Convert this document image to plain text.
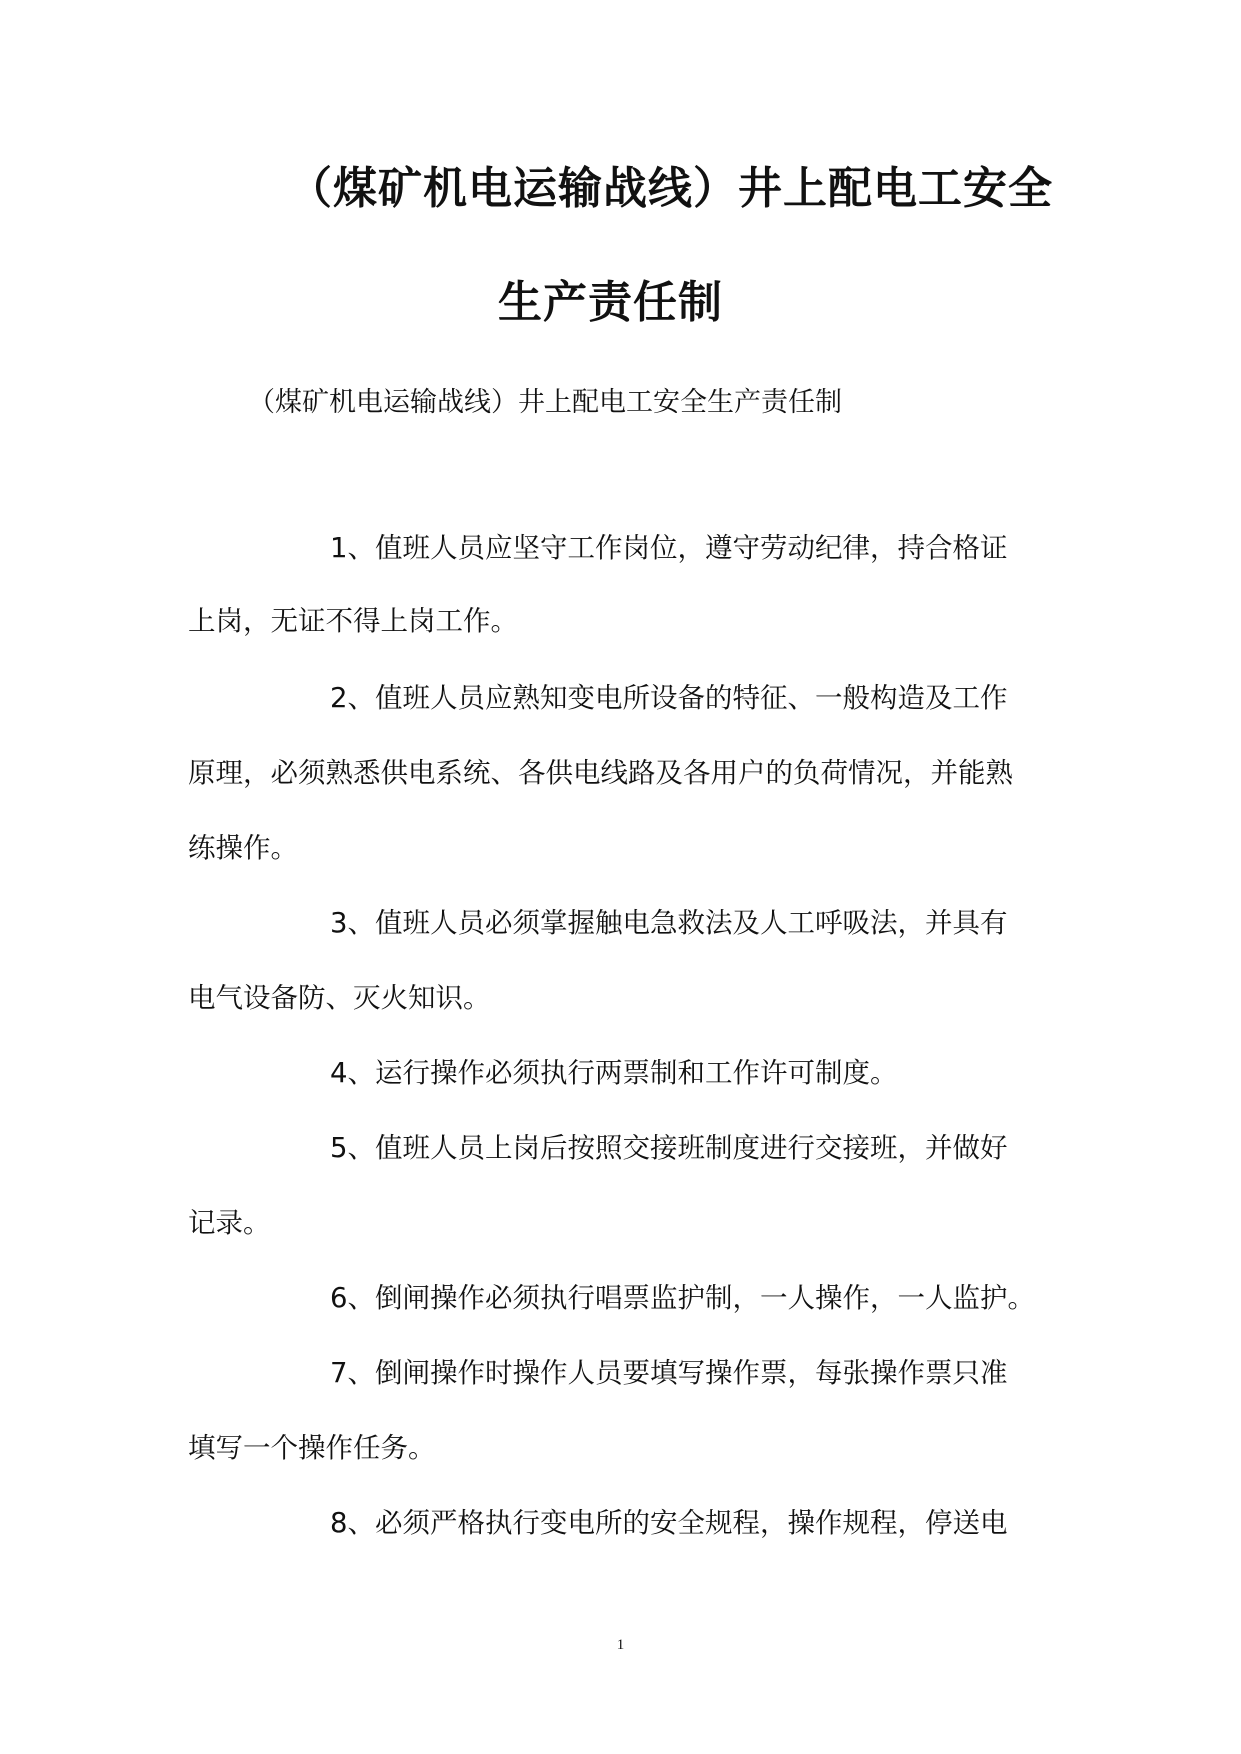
（煤矿机电运输战线）井上配电工安全
生产责任制
（煤矿机电运输战线）井上配电工安全生产责任制
1、值班人员应坚守工作岗位，遵守劳动纪律，持合格证
上岗，无证不得上岗工作。
2、值班人员应熟知变电所设备的特征、一般构造及工作
原理，必须熟悉供电系统、各供电线路及各用户的负荷情况，并能熟
练操作。
3、值班人员必须掌握触电急救法及人工呼吸法，并具有
电气设备防、灭火知识。
4、运行操作必须执行两票制和工作许可制度。
5、值班人员上岗后按照交接班制度进行交接班，并做好
记录。
6、倒闸操作必须执行唱票监护制，一人操作，一人监护。
7、倒闸操作时操作人员要填写操作票，每张操作票只准
填写一个操作任务。
8、必须严格执行变电所的安全规程，操作规程，停送电
1
